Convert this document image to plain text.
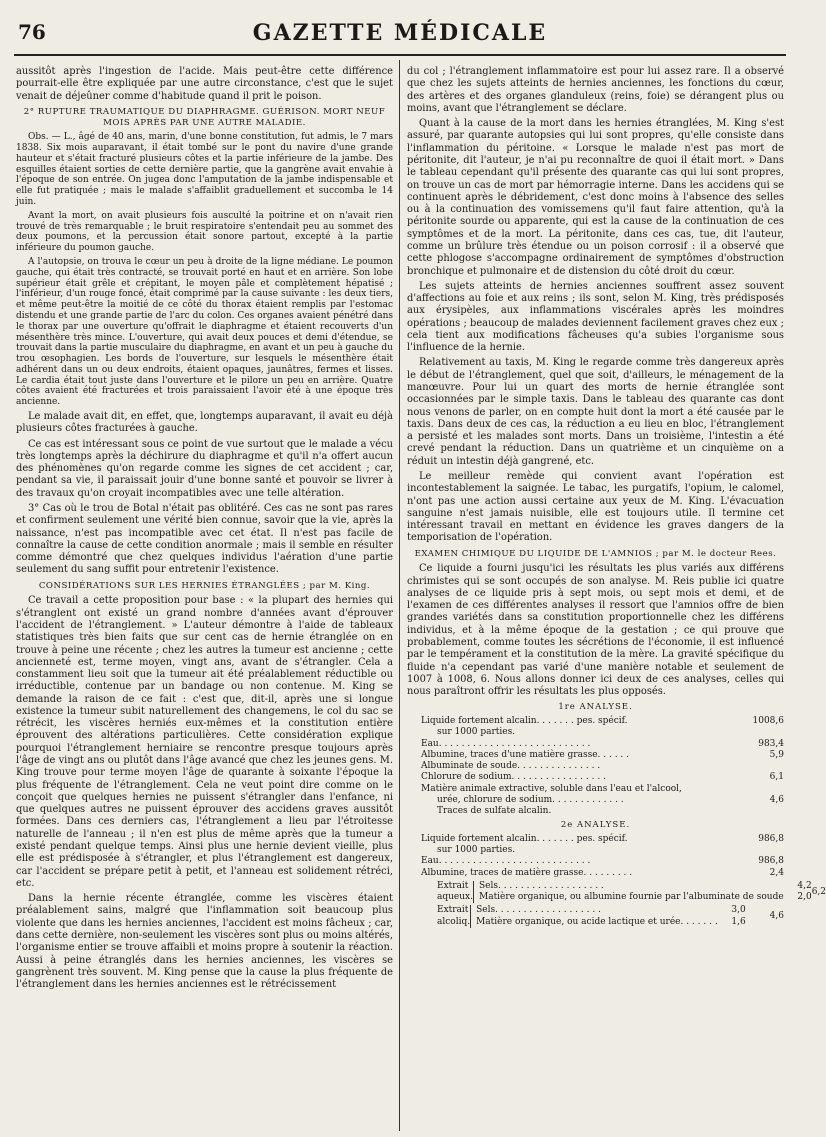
76	GAZETTE MÉDICALE

aussitôt après l'ingestion de l'acide. Mais peut-être cette différence pourrait-elle être expliquée par une autre circonstance, c'est que le sujet venait de déjeûner comme d'habitude quand il prit le poison.

2° RUPTURE TRAUMATIQUE DU DIAPHRAGME. GUÉRISON. MORT NEUF MOIS APRÈS PAR UNE AUTRE MALADIE.

Obs. — L., âgé de 40 ans, marin, d'une bonne constitution, fut admis, le 7 mars 1838. Six mois auparavant, il était tombé sur le pont du navire d'une grande hauteur et s'était fracturé plusieurs côtes et la partie inférieure de la jambe. Des esquilles étaient sorties de cette dernière partie, que la gangrène avait envahie à l'époque de son entrée. On jugea donc l'amputation de la jambe indispensable et elle fut pratiquée ; mais le malade s'affaiblit graduellement et succomba le 14 juin.

Avant la mort, on avait plusieurs fois ausculté la poitrine et on n'avait rien trouvé de très remarquable ; le bruit respiratoire s'entendait peu au sommet des deux poumons, et la percussion était sonore partout, excepté à la partie inférieure du poumon gauche.

A l'autopsie, on trouva le cœur un peu à droite de la ligne médiane. Le poumon gauche, qui était très contracté, se trouvait porté en haut et en arrière. Son lobe supérieur était grêle et crépitant, le moyen pâle et complètement hépatisé ; l'inférieur, d'un rouge foncé, était comprimé par la cause suivante : les deux tiers, et même peut-être la moitié de ce côté du thorax étaient remplis par l'estomac distendu et une grande partie de l'arc du colon. Ces organes avaient pénétré dans le thorax par une ouverture qu'offrait le diaphragme et étaient recouverts d'un mésenthère très mince. L'ouverture, qui avait deux pouces et demi d'étendue, se trouvait dans la partie musculaire du diaphragme, en avant et un peu à gauche du trou œsophagien. Les bords de l'ouverture, sur lesquels le mésenthère était adhérent dans un ou deux endroits, étaient opaques, jaunâtres, fermes et lisses. Le cardia était tout juste dans l'ouverture et le pilore un peu en arrière. Quatre côtes avaient été fracturées et trois paraissaient l'avoir été à une époque très ancienne.

Le malade avait dit, en effet, que, longtemps auparavant, il avait eu déjà plusieurs côtes fracturées à gauche.

Ce cas est intéressant sous ce point de vue surtout que le malade a vécu très longtemps après la déchirure du diaphragme et qu'il n'a offert aucun des phénomènes qu'on regarde comme les signes de cet accident ; car, pendant sa vie, il paraissait jouir d'une bonne santé et pouvoir se livrer à des travaux qu'on croyait incompatibles avec une telle altération.

3° Cas où le trou de Botal n'était pas oblitéré. Ces cas ne sont pas rares et confirment seulement une vérité bien connue, savoir que la vie, après la naissance, n'est pas incompatible avec cet état. Il n'est pas facile de connaître la cause de cette condition anormale ; mais il semble en résulter comme démontré que chez quelques individus l'aération d'une partie seulement du sang suffit pour entretenir l'existence.

CONSIDÉRATIONS SUR LES HERNIES ÉTRANGLÉES ; par M. King.

Ce travail a cette proposition pour base : « la plupart des hernies qui s'étranglent ont existé un grand nombre d'années avant d'éprouver l'accident de l'étranglement. » L'auteur démontre à l'aide de tableaux statistiques très bien faits que sur cent cas de hernie étranglée on en trouve à peine une récente ; chez les autres la tumeur est ancienne ; cette ancienneté est, terme moyen, vingt ans, avant de s'étrangler. Cela a constamment lieu soit que la tumeur ait été préalablement réductible ou irréductible, contenue par un bandage ou non contenue. M. King se demande la raison de ce fait : c'est que, dit-il, après une si longue existence la tumeur subit naturellement des changemens, le col du sac se rétrécit, les viscères herniés eux-mêmes et la constitution entière éprouvent des altérations particulières. Cette considération explique pourquoi l'étranglement herniaire se rencontre presque toujours après l'âge de vingt ans ou plutôt dans l'âge avancé que chez les jeunes gens. M. King trouve pour terme moyen l'âge de quarante à soixante l'époque la plus fréquente de l'étranglement. Cela ne veut point dire comme on le conçoit que quelques hernies ne puissent s'étrangler dans l'enfance, ni que quelques autres ne puissent éprouver des accidens graves aussitôt formées. Dans ces derniers cas, l'étranglement a lieu par l'étroitesse naturelle de l'anneau ; il n'en est plus de même après que la tumeur a existé pendant quelque temps. Ainsi plus une hernie devient vieille, plus elle est prédisposée à s'étrangler, et plus l'étranglement est dangereux, car l'accident se prépare petit à petit, et l'anneau est solidement rétréci, etc.

Dans la hernie récente étranglée, comme les viscères étaient préalablement sains, malgré que l'inflammation soit beaucoup plus violente que dans les hernies anciennes, l'accident est moins fâcheux ; car, dans cette dernière, non-seulement les viscères sont plus ou moins altérés, l'organisme entier se trouve affaibli et moins propre à soutenir la réaction. Aussi à peine étranglés dans les hernies anciennes, les viscères se gangrènent très souvent. M. King pense que la cause la plus fréquente de l'étranglement dans les hernies anciennes est le rétrécissement

du col ; l'étranglement inflammatoire est pour lui assez rare. Il a observé que chez les sujets atteints de hernies anciennes, les fonctions du cœur, des artères et des organes glanduleux (reins, foie) se dérangent plus ou moins, avant que l'étranglement se déclare.

Quant à la cause de la mort dans les hernies étranglées, M. King s'est assuré, par quarante autopsies qui lui sont propres, qu'elle consiste dans l'inflammation du péritoine. « Lorsque le malade n'est pas mort de péritonite, dit l'auteur, je n'ai pu reconnaître de quoi il était mort. » Dans le tableau cependant qu'il présente des quarante cas qui lui sont propres, on trouve un cas de mort par hémorragie interne. Dans les accidens qui se continuent après le débridement, c'est donc moins à l'absence des selles ou à la continuation des vomissemens qu'il faut faire attention, qu'à la péritonite sourde ou apparente, qui est la cause de la continuation de ces symptômes et de la mort. La péritonite, dans ces cas, tue, dit l'auteur, comme un brûlure très étendue ou un poison corrosif : il a observé que cette phlogose s'accompagne ordinairement de symptômes d'obstruction bronchique et pulmonaire et de distension du côté droit du cœur.

Les sujets atteints de hernies anciennes souffrent assez souvent d'affections au foie et aux reins ; ils sont, selon M. King, très prédisposés aux érysipèles, aux inflammations viscérales après les moindres opérations ; beaucoup de malades deviennent facilement graves chez eux ; cela tient aux modifications fâcheuses qu'a subies l'organisme sous l'influence de la hernie.

Relativement au taxis, M. King le regarde comme très dangereux après le début de l'étranglement, quel que soit, d'ailleurs, le ménagement de la manœuvre. Pour lui un quart des morts de hernie étranglée sont occasionnées par le simple taxis. Dans le tableau des quarante cas dont nous venons de parler, on en compte huit dont la mort a été causée par le taxis. Dans deux de ces cas, la réduction a eu lieu en bloc, l'étranglement a persisté et les malades sont morts. Dans un troisième, l'intestin a été crevé pendant la réduction. Dans un quatrième et un cinquième on a réduit un intestin déjà gangrené, etc.

Le meilleur remède qui convient avant l'opération est incontestablement la saignée. Le tabac, les purgatifs, l'opium, le calomel, n'ont pas une action aussi certaine aux yeux de M. King. L'évacuation sanguine n'est jamais nuisible, elle est toujours utile. Il termine cet intéressant travail en mettant en évidence les graves dangers de la temporisation de l'opération.

EXAMEN CHIMIQUE DU LIQUIDE DE L'AMNIOS ; par M. le docteur Rees.

Ce liquide a fourni jusqu'ici les résultats les plus variés aux différens chrimistes qui se sont occupés de son analyse. M. Reis publie ici quatre analyses de ce liquide pris à sept mois, ou sept mois et demi, et de l'examen de ces différentes analyses il ressort que l'amnios offre de bien grandes variétés dans sa constitution proportionnelle chez les différens individus, et à la même époque de la gestation ; ce qui prouve que probablement, comme toutes les sécrétions de l'économie, il est influencé par le tempérament et la constitution de la mère. La gravité spécifique du fluide n'a cependant pas varié d'une manière notable et seulement de 1007 à 1008, 6. Nous allons donner ici deux de ces analyses, celles qui nous paraîtront offrir les résultats les plus opposés.

1re ANALYSE.
Liquide fortement alcalin. . . . . . . pes. spécif.	1008,6
sur 1000 parties.
Eau. . . . . . . . . . . . . . . . . . . . . . . . . . .	983,4
Albumine, traces d'une matière grasse. . . . . .	5,9
Albuminate de soude. . . . . . . . . . . . . . .
Chlorure de sodium. . . . . . . . . . . . . . . . .	6,1
Matière animale extractive, soluble dans l'eau et l'alcool,
urée, chlorure de sodium. . . . . . . . . . . . .	4,6
Traces de sulfate alcalin.
2e ANALYSE.
Liquide fortement alcalin. . . . . . . pes. spécif.	986,8
sur 1000 parties.
Eau. . . . . . . . . . . . . . . . . . . . . . . . . . .	986,8
Albumine, traces de matière grasse. . . . . . . . .	2,4
Extrait aqueux.
Sels. . . . . . . . . . . . . . . . . . .	4,2
Matière organique, ou albumine fournie par l'albuminate de soude	2,0
6,2
Extrait alcoliq.
Sels. . . . . . . . . . . . . . . . . . .	3,0
Matière organique, ou acide lactique et urée. . . . . . .	1,6
4,6
